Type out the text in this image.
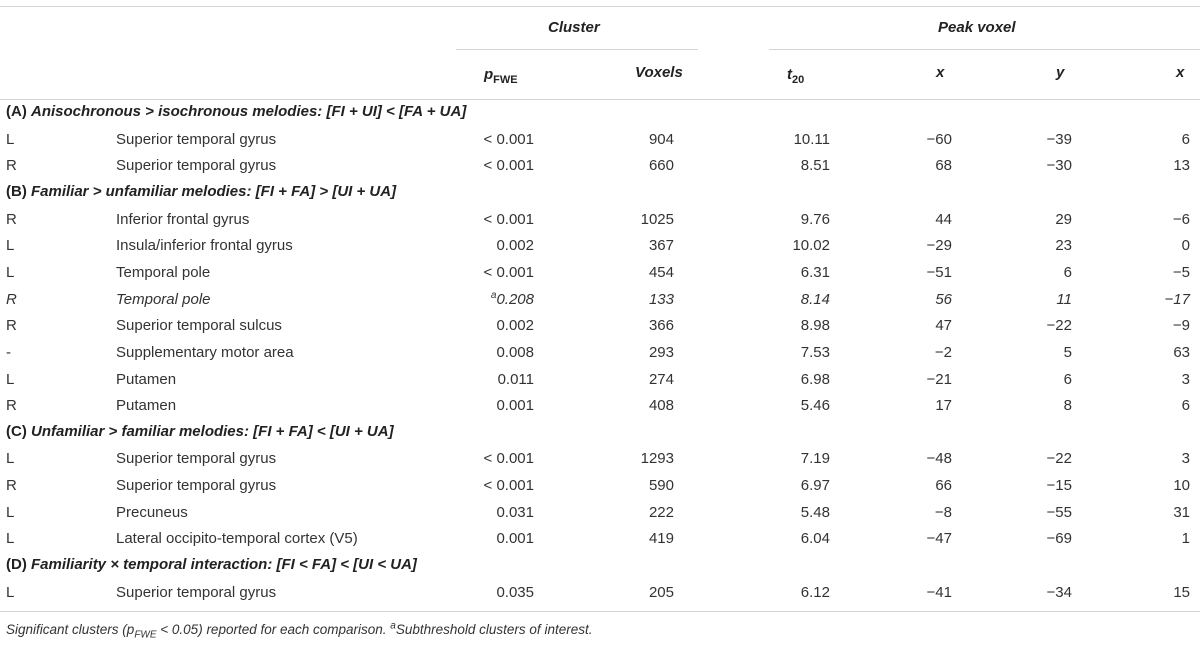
Cluster	Peak voxel
$p_{FWE}$	Voxels	$t_{20}$	x	y	x
(A) Anisochronous > isochronous melodies: [FI + UI] < [FA + UA]
L	Superior temporal gyrus	< 0.001	904	10.11	−60	−39	6
R	Superior temporal gyrus	< 0.001	660	8.51	68	−30	13
(B) Familiar > unfamiliar melodies: [FI + FA] > [UI + UA]
R	Inferior frontal gyrus	< 0.001	1025	9.76	44	29	−6
L	Insula/inferior frontal gyrus	0.002	367	10.02	−29	23	0
L	Temporal pole	< 0.001	454	6.31	−51	6	−5
R	Temporal pole	$^a$0.208	133	8.14	56	11	−17
R	Superior temporal sulcus	0.002	366	8.98	47	−22	−9
-	Supplementary motor area	0.008	293	7.53	−2	5	63
L	Putamen	0.011	274	6.98	−21	6	3
R	Putamen	0.001	408	5.46	17	8	6
(C) Unfamiliar > familiar melodies: [FI + FA] < [UI + UA]
L	Superior temporal gyrus	< 0.001	1293	7.19	−48	−22	3
R	Superior temporal gyrus	< 0.001	590	6.97	66	−15	10
L	Precuneus	0.031	222	5.48	−8	−55	31
L	Lateral occipito-temporal cortex (V5)	0.001	419	6.04	−47	−69	1
(D) Familiarity × temporal interaction: [FI < FA] < [UI < UA]
L	Superior temporal gyrus	0.035	205	6.12	−41	−34	15
Significant clusters $(p_{FWE} < 0.05)$ reported for each comparison. $^a$Subthreshold clusters of interest.
